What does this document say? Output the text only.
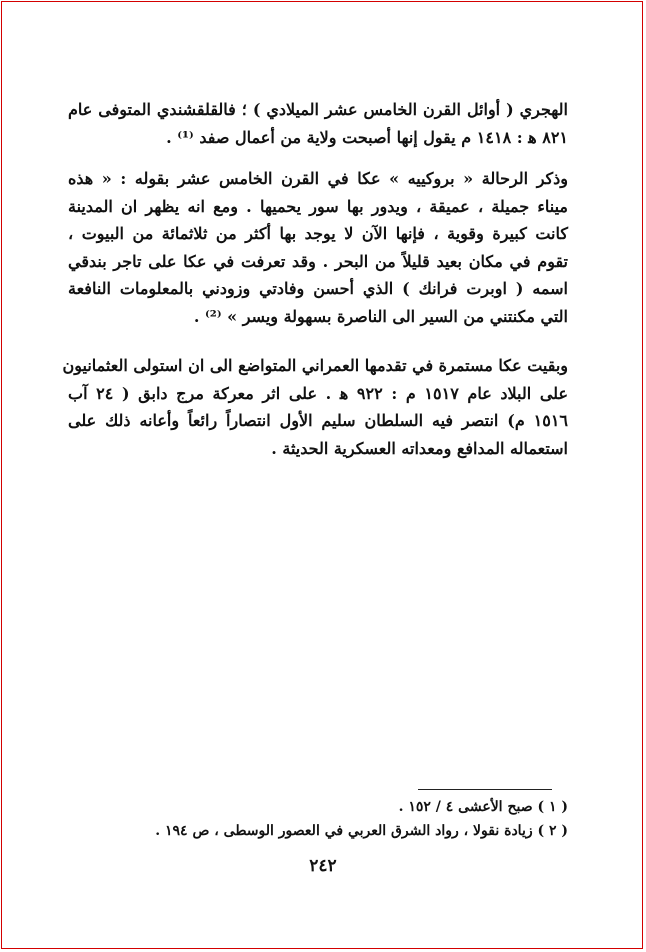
الهجري ( أوائل القرن الخامس عشر الميلادي ) ؛ فالقلقشندي المتوفى عام
٨٢١ ﻫ : ١٤١٨ م يقول إنها أصبحت ولاية من أعمال صفد ⁽¹⁾ .
وذكر الرحالة « بروكييه » عكا في القرن الخامس عشر بقوله : « هذه
ميناء جميلة ، عميقة ، ويدور بها سور يحميها . ومع انه يظهر ان المدينة
كانت كبيرة وقوية ، فإنها الآن لا يوجد بها أكثر من ثلاثمائة من البيوت ،
تقوم في مكان بعيد قليلاً من البحر . وقد تعرفت في عكا على تاجر بندقي
اسمه ( اوبرت فرانك ) الذي أحسن وفادتي وزودني بالمعلومات النافعة
التي مكنتني من السير الى الناصرة بسهولة ويسر » ⁽²⁾ .
وبقيت عكا مستمرة في تقدمها العمراني المتواضع الى ان استولى العثمانيون
على البلاد عام ١٥١٧ م : ٩٢٢ ﻫ . على اثر معركة مرج دابق ( ٢٤ آب
١٥١٦ م) انتصر فيه السلطان سليم الأول انتصاراً رائعاً وأعانه ذلك على
استعماله المدافع ومعداته العسكرية الحديثة .
( ١ ) صبح الأعشى ٤ / ١٥٢ .
( ٢ ) زيادة نقولا ، رواد الشرق العربي في العصور الوسطى ، ص ١٩٤ .
٢٤٢
